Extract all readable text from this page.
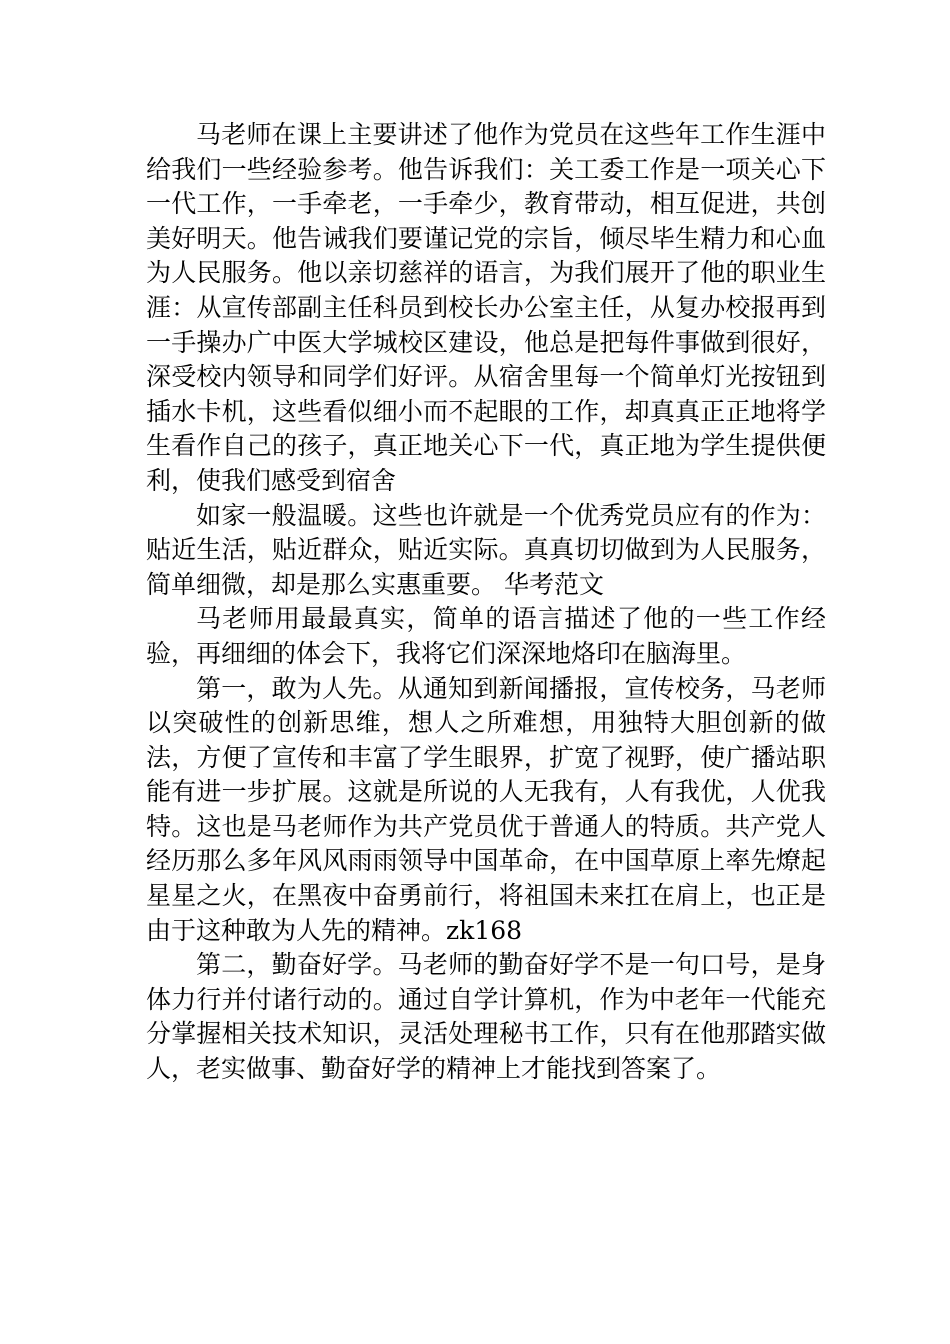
马老师在课上主要讲述了他作为党员在这些年工作生涯中给我们一些经验参考。他告诉我们：关工委工作是一项关心下一代工作，一手牵老，一手牵少，教育带动，相互促进，共创美好明天。他告诫我们要谨记党的宗旨，倾尽毕生精力和心血为人民服务。他以亲切慈祥的语言，为我们展开了他的职业生涯：从宣传部副主任科员到校长办公室主任，从复办校报再到一手操办广中医大学城校区建设，他总是把每件事做到很好，深受校内领导和同学们好评。从宿舍里每一个简单灯光按钮到插水卡机，这些看似细小而不起眼的工作，却真真正正地将学生看作自己的孩子，真正地关心下一代，真正地为学生提供便利，使我们感受到宿舍

如家一般温暖。这些也许就是一个优秀党员应有的作为：贴近生活，贴近群众，贴近实际。真真切切做到为人民服务，简单细微，却是那么实惠重要。 华考范文

马老师用最最真实，简单的语言描述了他的一些工作经验，再细细的体会下，我将它们深深地烙印在脑海里。

第一，敢为人先。从通知到新闻播报，宣传校务，马老师以突破性的创新思维，想人之所难想，用独特大胆创新的做法，方便了宣传和丰富了学生眼界，扩宽了视野，使广播站职能有进一步扩展。这就是所说的人无我有，人有我优，人优我特。这也是马老师作为共产党员优于普通人的特质。共产党人经历那么多年风风雨雨领导中国革命，在中国草原上率先燎起星星之火，在黑夜中奋勇前行，将祖国未来扛在肩上，也正是由于这种敢为人先的精神。zk168

第二，勤奋好学。马老师的勤奋好学不是一句口号，是身体力行并付诸行动的。通过自学计算机，作为中老年一代能充分掌握相关技术知识，灵活处理秘书工作，只有在他那踏实做人，老实做事、勤奋好学的精神上才能找到答案了。
